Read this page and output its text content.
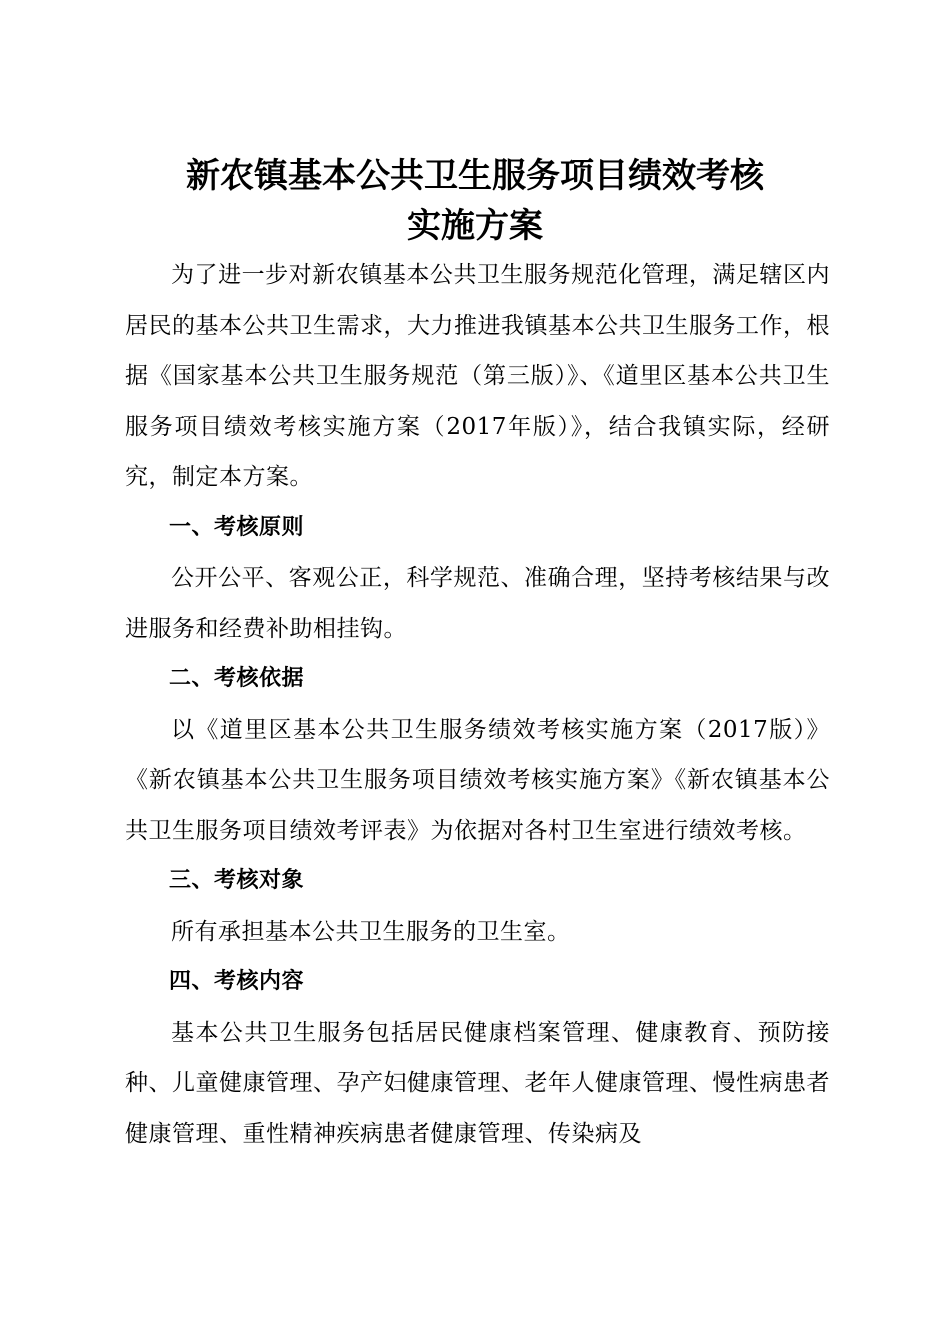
新农镇基本公共卫生服务项目绩效考核
实施方案

为了进一步对新农镇基本公共卫生服务规范化管理，满足辖区内居民的基本公共卫生需求，大力推进我镇基本公共卫生服务工作，根据《国家基本公共卫生服务规范（第三版）》、《道里区基本公共卫生服务项目绩效考核实施方案（2017年版）》，结合我镇实际，经研究，制定本方案。

一、考核原则

公开公平、客观公正，科学规范、准确合理，坚持考核结果与改进服务和经费补助相挂钩。

二、考核依据

以《道里区基本公共卫生服务绩效考核实施方案（2017版）》《新农镇基本公共卫生服务项目绩效考核实施方案》《新农镇基本公共卫生服务项目绩效考评表》为依据对各村卫生室进行绩效考核。

三、考核对象

所有承担基本公共卫生服务的卫生室。

四、考核内容

基本公共卫生服务包括居民健康档案管理、健康教育、预防接种、儿童健康管理、孕产妇健康管理、老年人健康管理、慢性病患者健康管理、重性精神疾病患者健康管理、传染病及
